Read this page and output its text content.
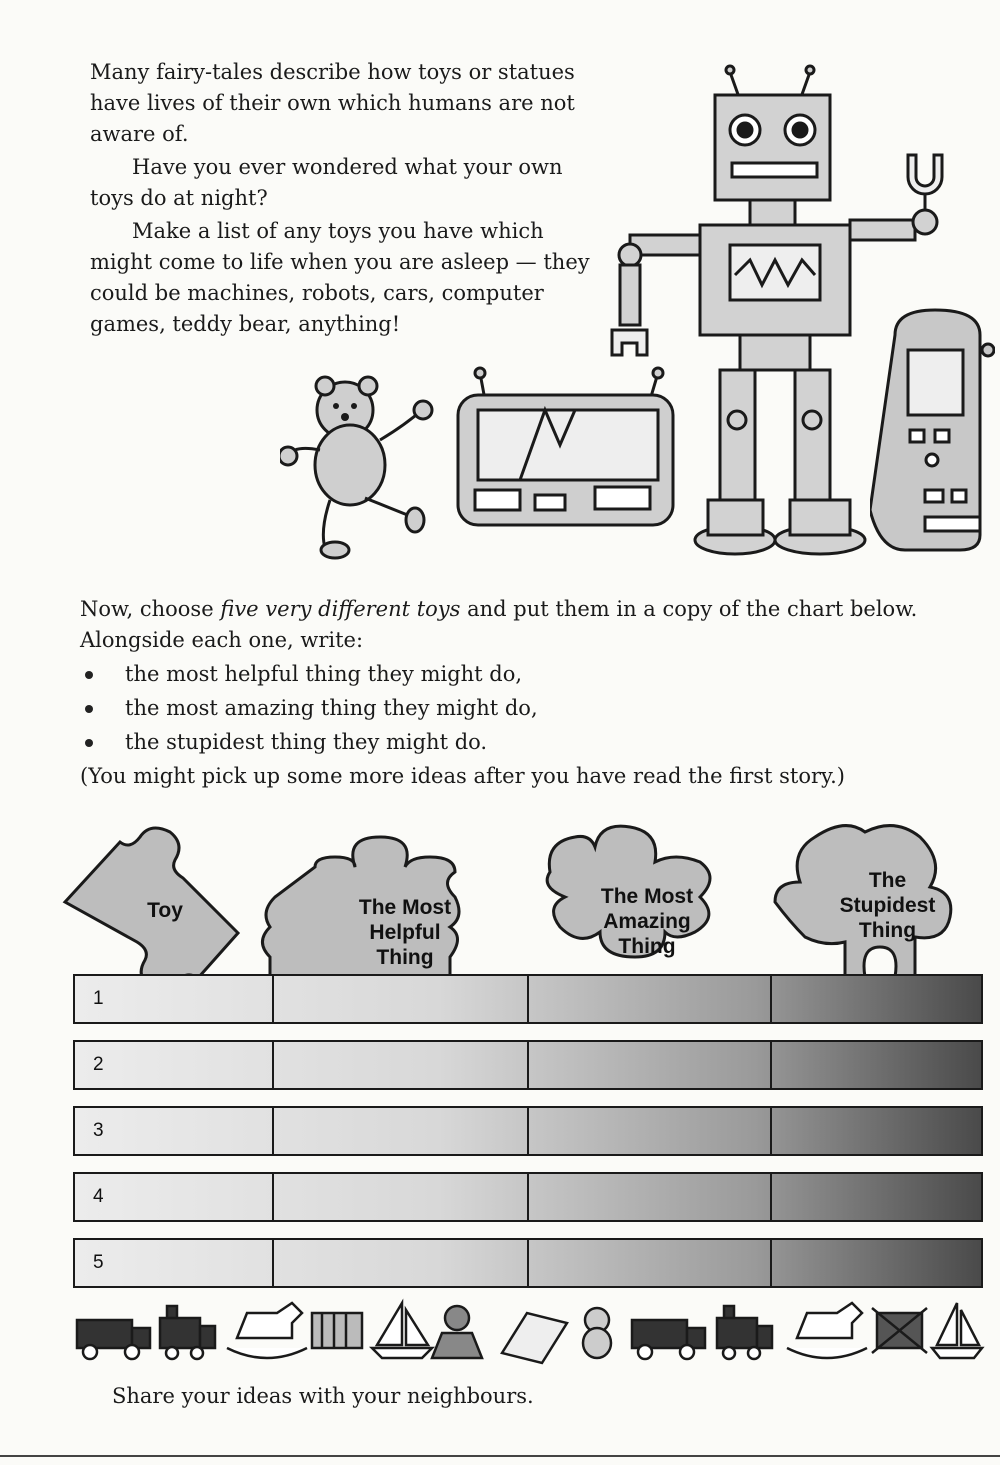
Many fairy-tales describe how toys or statues have lives of their own which humans are not aware of.

Have you ever wondered what your own toys do at night?

Make a list of any toys you have which might come to life when you are asleep — they could be machines, robots, cars, computer games, teddy bear, anything!

Now, choose five very different toys and put them in a copy of the chart below.

Alongside each one, write:

the most helpful thing they might do,
the most amazing thing they might do,
the stupidest thing they might do.

(You might pick up some more ideas after you have read the first story.)

Toy	The Most
Helpful
Thing
The Most
Amazing
Thing
The
Stupidest
Thing
1
2
3
4
5
Share your ideas with your neighbours.
